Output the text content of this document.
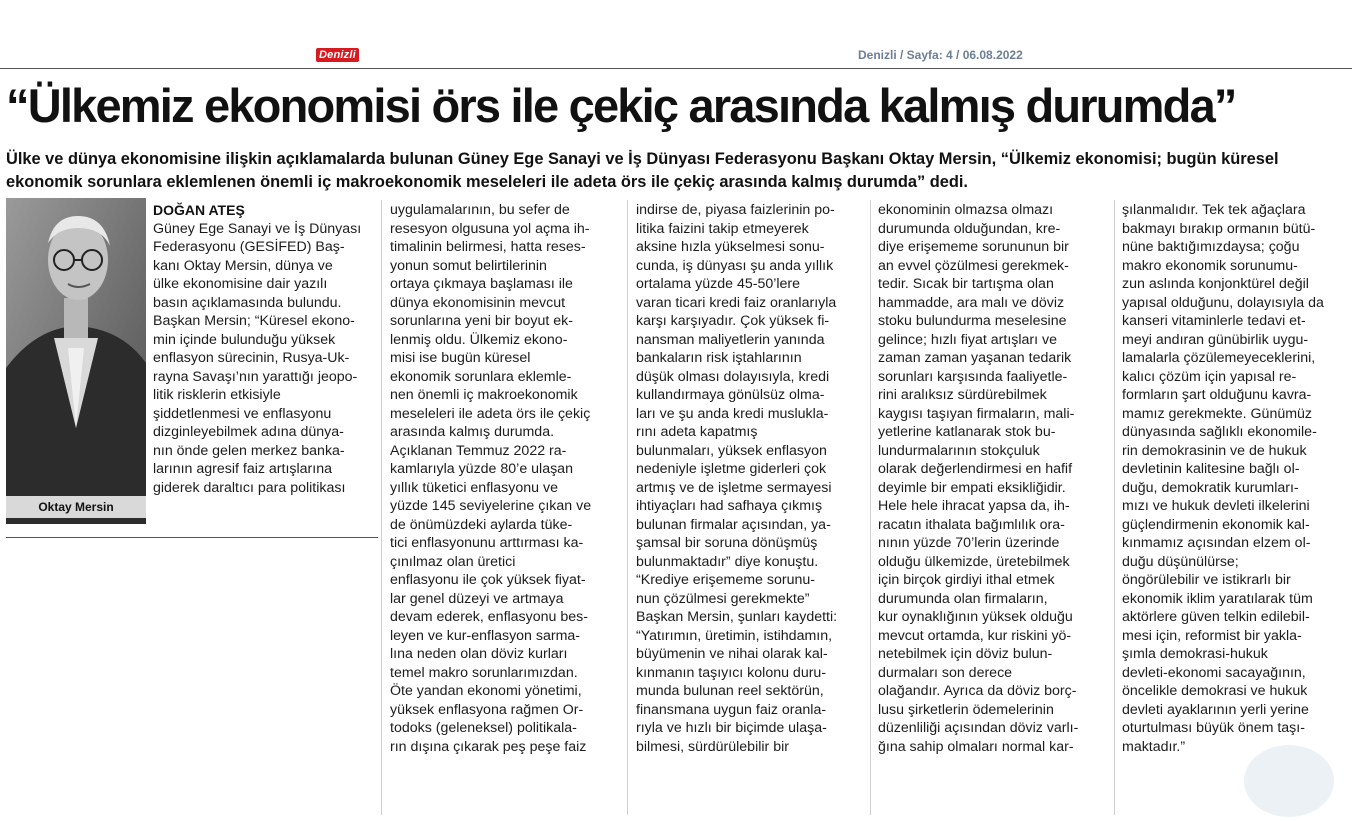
Denizli	Denizli / Sayfa: 4 / 06.08.2022
“Ülkemiz ekonomisi örs ile çekiç arasında kalmış durumda”
Ülke ve dünya ekonomisine ilişkin açıklamalarda bulunan Güney Ege Sanayi ve İş Dünyası Federasyonu Başkanı Oktay Mersin, “Ülkemiz ekonomisi; bugün küresel ekonomik sorunlara eklemlenen önemli iç makroekonomik meseleleri ile adeta örs ile çekiç arasında kalmış durumda” dedi.
Oktay Mersin

DOĞAN ATEŞ

Güney Ege Sanayi ve İş Dünyası

Federasyonu (GESİFED) Baş-

kanı Oktay Mersin, dünya ve

ülke ekonomisine dair yazılı

basın açıklamasında bulundu.

Başkan Mersin; “Küresel ekono-

min içinde bulunduğu yüksek

enflasyon sürecinin, Rusya-Uk-

rayna Savaşı’nın yarattığı jeopo-

litik risklerin etkisiyle

şiddetlenmesi ve enflasyonu

dizginleyebilmek adına dünya-

nın önde gelen merkez banka-

larının agresif faiz artışlarına

giderek daraltıcı para politikası

uygulamalarının, bu sefer de

resesyon olgusuna yol açma ih-

timalinin belirmesi, hatta reses-

yonun somut belirtilerinin

ortaya çıkmaya başlaması ile

dünya ekonomisinin mevcut

sorunlarına yeni bir boyut ek-

lenmiş oldu. Ülkemiz ekono-

misi ise bugün küresel

ekonomik sorunlara eklemle-

nen önemli iç makroekonomik

meseleleri ile adeta örs ile çekiç

arasında kalmış durumda.

Açıklanan Temmuz 2022 ra-

kamlarıyla yüzde 80’e ulaşan

yıllık tüketici enflasyonu ve

yüzde 145 seviyelerine çıkan ve

de önümüzdeki aylarda tüke-

tici enflasyonunu arttırması ka-

çınılmaz olan üretici

enflasyonu ile çok yüksek fiyat-

lar genel düzeyi ve artmaya

devam ederek, enflasyonu bes-

leyen ve kur-enflasyon sarma-

lına neden olan döviz kurları

temel makro sorunlarımızdan.

Öte yandan ekonomi yönetimi,

yüksek enflasyona rağmen Or-

todoks (geleneksel) politikala-

rın dışına çıkarak peş peşe faiz

indirse de, piyasa faizlerinin po-

litika faizini takip etmeyerek

aksine hızla yükselmesi sonu-

cunda, iş dünyası şu anda yıllık

ortalama yüzde 45-50’lere

varan ticari kredi faiz oranlarıyla

karşı karşıyadır. Çok yüksek fi-

nansman maliyetlerin yanında

bankaların risk iştahlarının

düşük olması dolayısıyla, kredi

kullandırmaya gönülsüz olma-

ları ve şu anda kredi muslukla-

rını adeta kapatmış

bulunmaları, yüksek enflasyon

nedeniyle işletme giderleri çok

artmış ve de işletme sermayesi

ihtiyaçları had safhaya çıkmış

bulunan firmalar açısından, ya-

şamsal bir soruna dönüşmüş

bulunmaktadır” diye konuştu.

“Krediye erişememe sorunu-

nun çözülmesi gerekmekte”

Başkan Mersin, şunları kaydetti:

“Yatırımın, üretimin, istihdamın,

büyümenin ve nihai olarak kal-

kınmanın taşıyıcı kolonu duru-

munda bulunan reel sektörün,

finansmana uygun faiz oranla-

rıyla ve hızlı bir biçimde ulaşa-

bilmesi, sürdürülebilir bir

ekonominin olmazsa olmazı

durumunda olduğundan, kre-

diye erişememe sorununun bir

an evvel çözülmesi gerekmek-

tedir. Sıcak bir tartışma olan

hammadde, ara malı ve döviz

stoku bulundurma meselesine

gelince; hızlı fiyat artışları ve

zaman zaman yaşanan tedarik

sorunları karşısında faaliyetle-

rini aralıksız sürdürebilmek

kaygısı taşıyan firmaların, mali-

yetlerine katlanarak stok bu-

lundurmalarının stokçuluk

olarak değerlendirmesi en hafif

deyimle bir empati eksikliğidir.

Hele hele ihracat yapsa da, ih-

racatın ithalata bağımlılık ora-

nının yüzde 70’lerin üzerinde

olduğu ülkemizde, üretebilmek

için birçok girdiyi ithal etmek

durumunda olan firmaların,

kur oynaklığının yüksek olduğu

mevcut ortamda, kur riskini yö-

netebilmek için döviz bulun-

durmaları son derece

olağandır. Ayrıca da döviz borç-

lusu şirketlerin ödemelerinin

düzenliliği açısından döviz varlı-

ğına sahip olmaları normal kar-

şılanmalıdır. Tek tek ağaçlara

bakmayı bırakıp ormanın bütü-

nüne baktığımızdaysa; çoğu

makro ekonomik sorunumu-

zun aslında konjonktürel değil

yapısal olduğunu, dolayısıyla da

kanseri vitaminlerle tedavi et-

meyi andıran günübirlik uygu-

lamalarla çözülemeyeceklerini,

kalıcı çözüm için yapısal re-

formların şart olduğunu kavra-

mamız gerekmekte. Günümüz

dünyasında sağlıklı ekonomile-

rin demokrasinin ve de hukuk

devletinin kalitesine bağlı ol-

duğu, demokratik kurumları-

mızı ve hukuk devleti ilkelerini

güçlendirmenin ekonomik kal-

kınmamız açısından elzem ol-

duğu düşünülürse;

öngörülebilir ve istikrarlı bir

ekonomik iklim yaratılarak tüm

aktörlere güven telkin edilebil-

mesi için, reformist bir yakla-

şımla demokrasi-hukuk

devleti-ekonomi sacayağının,

öncelikle demokrasi ve hukuk

devleti ayaklarının yerli yerine

oturtulması büyük önem taşı-

maktadır.”
